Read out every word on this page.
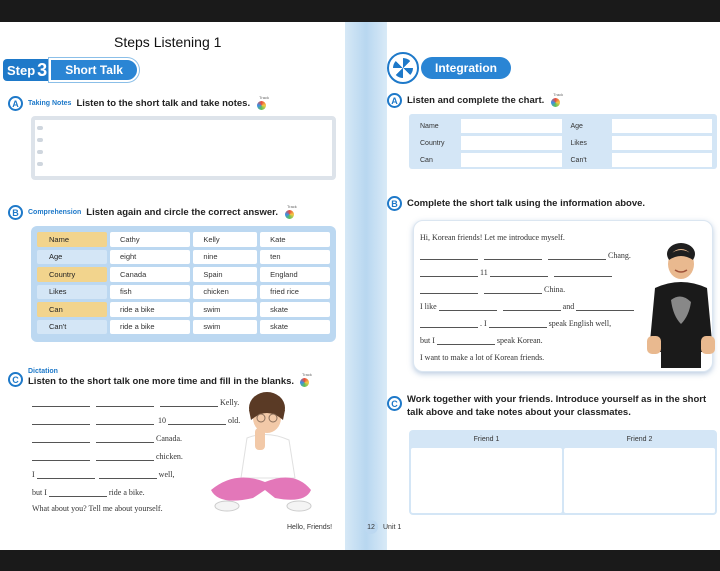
Steps Listening 1
Step 3	Short Talk
A	Taking Notes Listen to the short talk and take notes.
Track
B	Comprehension Listen again and circle the correct answer.
Track
Name	Cathy	Kelly	Kate
Age	eight	nine	ten
Country	Canada	Spain	England
Likes	fish	chicken	fried rice
Can	ride a bike	swim	skate
Can't	ride a bike	swim	skate
C
Dictation
Listen to the short talk one more time and fill in the blanks.
Track
Kelly.
10	old.
Canada.
chicken.
I	well,
but I	ride a bike.
What about you? Tell me about yourself.
Hello, Friends!	12
Integration
A Listen and complete the chart.
Track
Name		Age	
Country		Likes	
Can		Can't	
B Complete the short talk using the information above.
Hi, Korean friends! Let me introduce myself.
Chang.
11
China.
I like	and
. I	speak English well,
but I	speak Korean.
I want to make a lot of Korean friends.
C Work together with your friends. Introduce yourself as in the short
talk above and take notes about your classmates.
Friend 1	Friend 2
Unit 1
